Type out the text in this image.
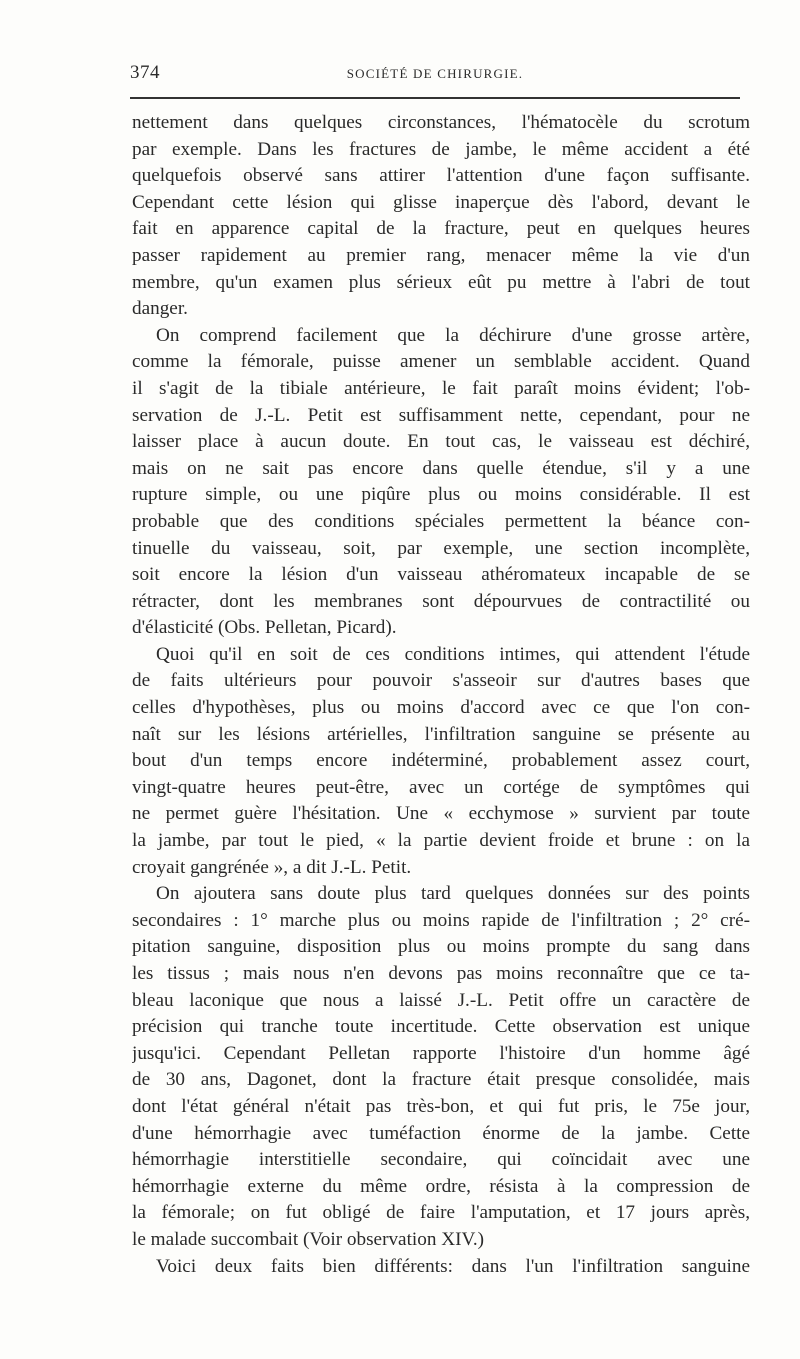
374	SOCIÉTÉ DE CHIRURGIE.
nettement dans quelques circonstances, l'hématocèle du scrotum
par exemple. Dans les fractures de jambe, le même accident a été
quelquefois observé sans attirer l'attention d'une façon suffisante.
Cependant cette lésion qui glisse inaperçue dès l'abord, devant le
fait en apparence capital de la fracture, peut en quelques heures
passer rapidement au premier rang, menacer même la vie d'un
membre, qu'un examen plus sérieux eût pu mettre à l'abri de tout
danger.
On comprend facilement que la déchirure d'une grosse artère,
comme la fémorale, puisse amener un semblable accident. Quand
il s'agit de la tibiale antérieure, le fait paraît moins évident; l'ob-
servation de J.-L. Petit est suffisamment nette, cependant, pour ne
laisser place à aucun doute. En tout cas, le vaisseau est déchiré,
mais on ne sait pas encore dans quelle étendue, s'il y a une
rupture simple, ou une piqûre plus ou moins considérable. Il est
probable que des conditions spéciales permettent la béance con-
tinuelle du vaisseau, soit, par exemple, une section incomplète,
soit encore la lésion d'un vaisseau athéromateux incapable de se
rétracter, dont les membranes sont dépourvues de contractilité ou
d'élasticité (Obs. Pelletan, Picard).
Quoi qu'il en soit de ces conditions intimes, qui attendent l'étude
de faits ultérieurs pour pouvoir s'asseoir sur d'autres bases que
celles d'hypothèses, plus ou moins d'accord avec ce que l'on con-
naît sur les lésions artérielles, l'infiltration sanguine se présente au
bout d'un temps encore indéterminé, probablement assez court,
vingt-quatre heures peut-être, avec un cortége de symptômes qui
ne permet guère l'hésitation. Une « ecchymose » survient par toute
la jambe, par tout le pied, « la partie devient froide et brune : on la
croyait gangrénée », a dit J.-L. Petit.
On ajoutera sans doute plus tard quelques données sur des points
secondaires : 1° marche plus ou moins rapide de l'infiltration ; 2° cré-
pitation sanguine, disposition plus ou moins prompte du sang dans
les tissus ; mais nous n'en devons pas moins reconnaître que ce ta-
bleau laconique que nous a laissé J.-L. Petit offre un caractère de
précision qui tranche toute incertitude. Cette observation est unique
jusqu'ici. Cependant Pelletan rapporte l'histoire d'un homme âgé
de 30 ans, Dagonet, dont la fracture était presque consolidée, mais
dont l'état général n'était pas très-bon, et qui fut pris, le 75e jour,
d'une hémorrhagie avec tuméfaction énorme de la jambe. Cette
hémorrhagie interstitielle secondaire, qui coïncidait avec une
hémorrhagie externe du même ordre, résista à la compression de
la fémorale; on fut obligé de faire l'amputation, et 17 jours après,
le malade succombait (Voir observation XIV.)
Voici deux faits bien différents: dans l'un l'infiltration sanguine
